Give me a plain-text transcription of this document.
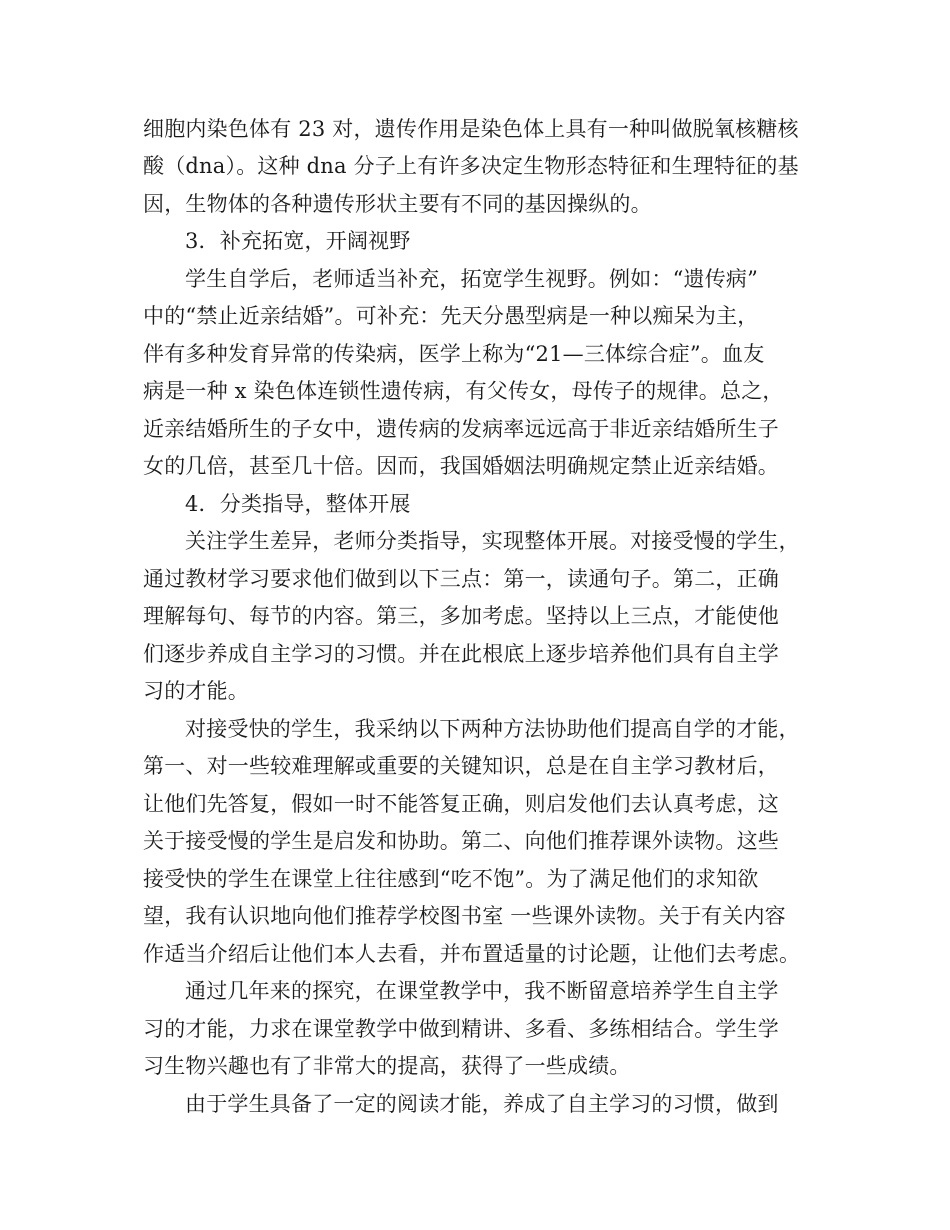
细胞内染色体有 23 对，遗传作用是染色体上具有一种叫做脱氧核糖核
酸（dna）。这种 dna 分子上有许多决定生物形态特征和生理特征的基
因，生物体的各种遗传形状主要有不同的基因操纵的。
3．补充拓宽，开阔视野
学生自学后，老师适当补充，拓宽学生视野。例如：“遗传病”
中的“禁止近亲结婚”。可补充：先天分愚型病是一种以痴呆为主，
伴有多种发育异常的传染病，医学上称为“21—三体综合症”。血友
病是一种 x 染色体连锁性遗传病，有父传女，母传子的规律。总之，
近亲结婚所生的子女中，遗传病的发病率远远高于非近亲结婚所生子
女的几倍，甚至几十倍。因而，我国婚姻法明确规定禁止近亲结婚。
4．分类指导，整体开展
关注学生差异，老师分类指导，实现整体开展。对接受慢的学生，
通过教材学习要求他们做到以下三点：第一，读通句子。第二，正确
理解每句、每节的内容。第三，多加考虑。坚持以上三点，才能使他
们逐步养成自主学习的习惯。并在此根底上逐步培养他们具有自主学
习的才能。
对接受快的学生，我采纳以下两种方法协助他们提高自学的才能，
第一、对一些较难理解或重要的关键知识，总是在自主学习教材后，
让他们先答复，假如一时不能答复正确，则启发他们去认真考虑，这
关于接受慢的学生是启发和协助。第二、向他们推荐课外读物。这些
接受快的学生在课堂上往往感到“吃不饱”。为了满足他们的求知欲
望，我有认识地向他们推荐学校图书室 一些课外读物。关于有关内容
作适当介绍后让他们本人去看，并布置适量的讨论题，让他们去考虑。
通过几年来的探究，在课堂教学中，我不断留意培养学生自主学
习的才能，力求在课堂教学中做到精讲、多看、多练相结合。学生学
习生物兴趣也有了非常大的提高，获得了一些成绩。
由于学生具备了一定的阅读才能，养成了自主学习的习惯，做到
